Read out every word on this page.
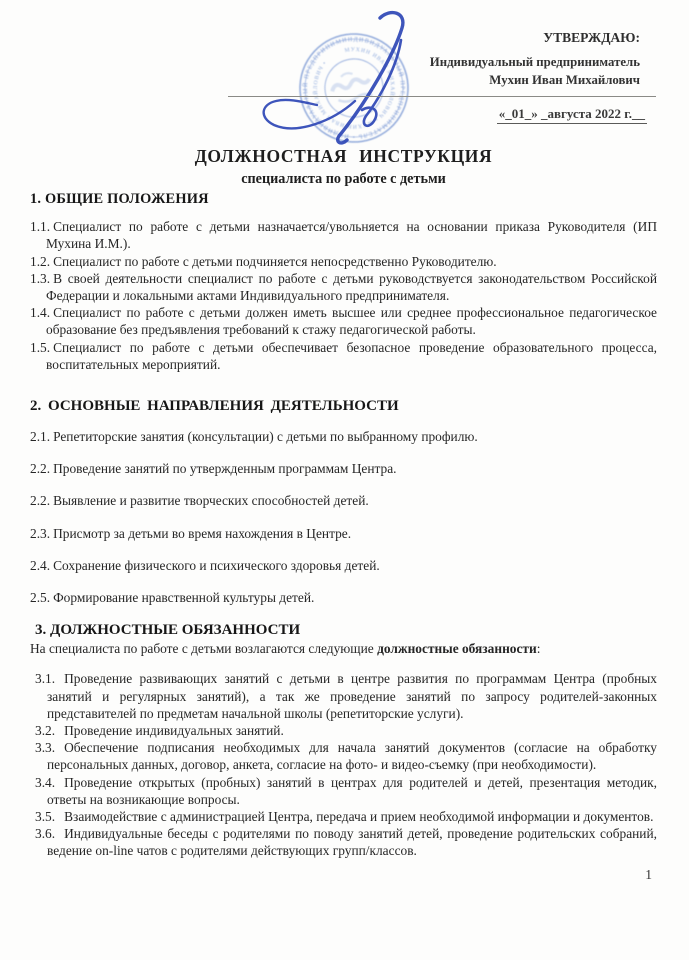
ИНДИВИДУАЛЬНЫЙ ПРЕДПРИНИМАТЕЛЬ • ИНДИВИДУАЛЬНЫЙ ПРЕДПРИНИМАТЕЛЬ •
МУХИН ИВАН МИХАЙЛОВИЧ • МУХИН ИВАН МИХАЙЛОВИЧ •

УТВЕРЖДАЮ:

Индивидуальный предприниматель

Мухин Иван Михайлович

«_01_» _августа 2022 г.__
ДОЛЖНОСТНАЯ ИНСТРУКЦИЯ
специалиста по работе с детьми
1. ОБЩИЕ ПОЛОЖЕНИЯ

1.1. Специалист по работе с детьми назначается/увольняется на основании приказа Руководителя (ИП Мухина И.М.).

1.2. Специалист по работе с детьми подчиняется непосредственно Руководителю.

1.3. В своей деятельности специалист по работе с детьми руководствуется законодательством Российской Федерации и локальными актами Индивидуального предпринимателя.

1.4. Специалист по работе с детьми должен иметь высшее или среднее профессиональное педагогическое образование без предъявления требований к стажу педагогической работы.

1.5. Специалист по работе с детьми обеспечивает безопасное проведение образовательного процесса, воспитательных мероприятий.

2. ОСНОВНЫЕ НАПРАВЛЕНИЯ ДЕЯТЕЛЬНОСТИ

2.1. Репетиторские занятия (консультации) с детьми по выбранному профилю.

2.2. Проведение занятий по утвержденным программам Центра.

2.2. Выявление и развитие творческих способностей детей.

2.3. Присмотр за детьми во время нахождения в Центре.

2.4. Сохранение физического и психического здоровья детей.

2.5. Формирование нравственной культуры детей.

3. ДОЛЖНОСТНЫЕ ОБЯЗАННОСТИ

На специалиста по работе с детьми возлагаются следующие должностные обязанности:

3.1. Проведение развивающих занятий с детьми в центре развития по программам Центра (пробных занятий и регулярных занятий), а так же проведение занятий по запросу родителей-законных представителей по предметам начальной школы (репетиторские услуги).

3.2. Проведение индивидуальных занятий.

3.3. Обеспечение подписания необходимых для начала занятий документов (согласие на обработку персональных данных, договор, анкета, согласие на фото- и видео-съемку (при необходимости).

3.4. Проведение открытых (пробных) занятий в центрах для родителей и детей, презентация методик, ответы на возникающие вопросы.

3.5. Взаимодействие с администрацией Центра, передача и прием необходимой информации и документов.

3.6. Индивидуальные беседы с родителями по поводу занятий детей, проведение родительских собраний, ведение on-line чатов с родителями действующих групп/классов.

1
